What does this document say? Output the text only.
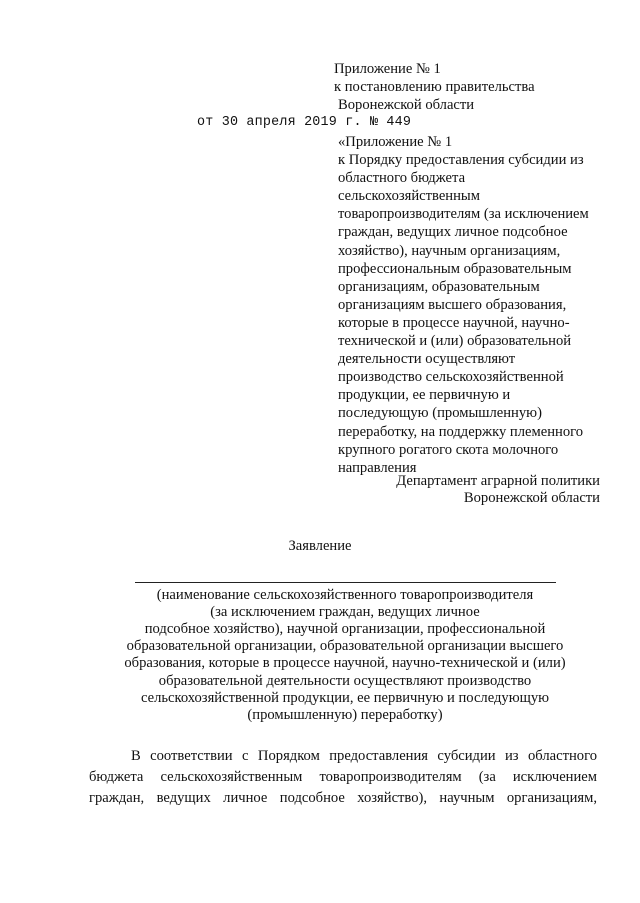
Приложение № 1
к постановлению правительства
Воронежской области
от 30 апреля 2019 г. № 449
«Приложение № 1
к Порядку предоставления субсидии из
областного бюджета
сельскохозяйственным
товаропроизводителям (за исключением
граждан, ведущих личное подсобное
хозяйство), научным организациям,
профессиональным образовательным
организациям, образовательным
организациям высшего образования,
которые в процессе научной, научно-
технической и (или) образовательной
деятельности осуществляют
производство сельскохозяйственной
продукции, ее первичную и
последующую (промышленную)
переработку, на поддержку племенного
крупного рогатого скота молочного
направления
Департамент аграрной политики
Воронежской области
Заявление
(наименование сельскохозяйственного товаропроизводителя
(за исключением граждан, ведущих личное
подсобное хозяйство), научной организации, профессиональной
образовательной организации, образовательной организации высшего
образования, которые в процессе научной, научно-технической и (или)
образовательной деятельности осуществляют производство
сельскохозяйственной продукции, ее первичную и последующую
(промышленную) переработку)
В соответствии с Порядком предоставления субсидии из областного
бюджета сельскохозяйственным товаропроизводителям (за исключением
граждан, ведущих личное подсобное хозяйство), научным организациям,
